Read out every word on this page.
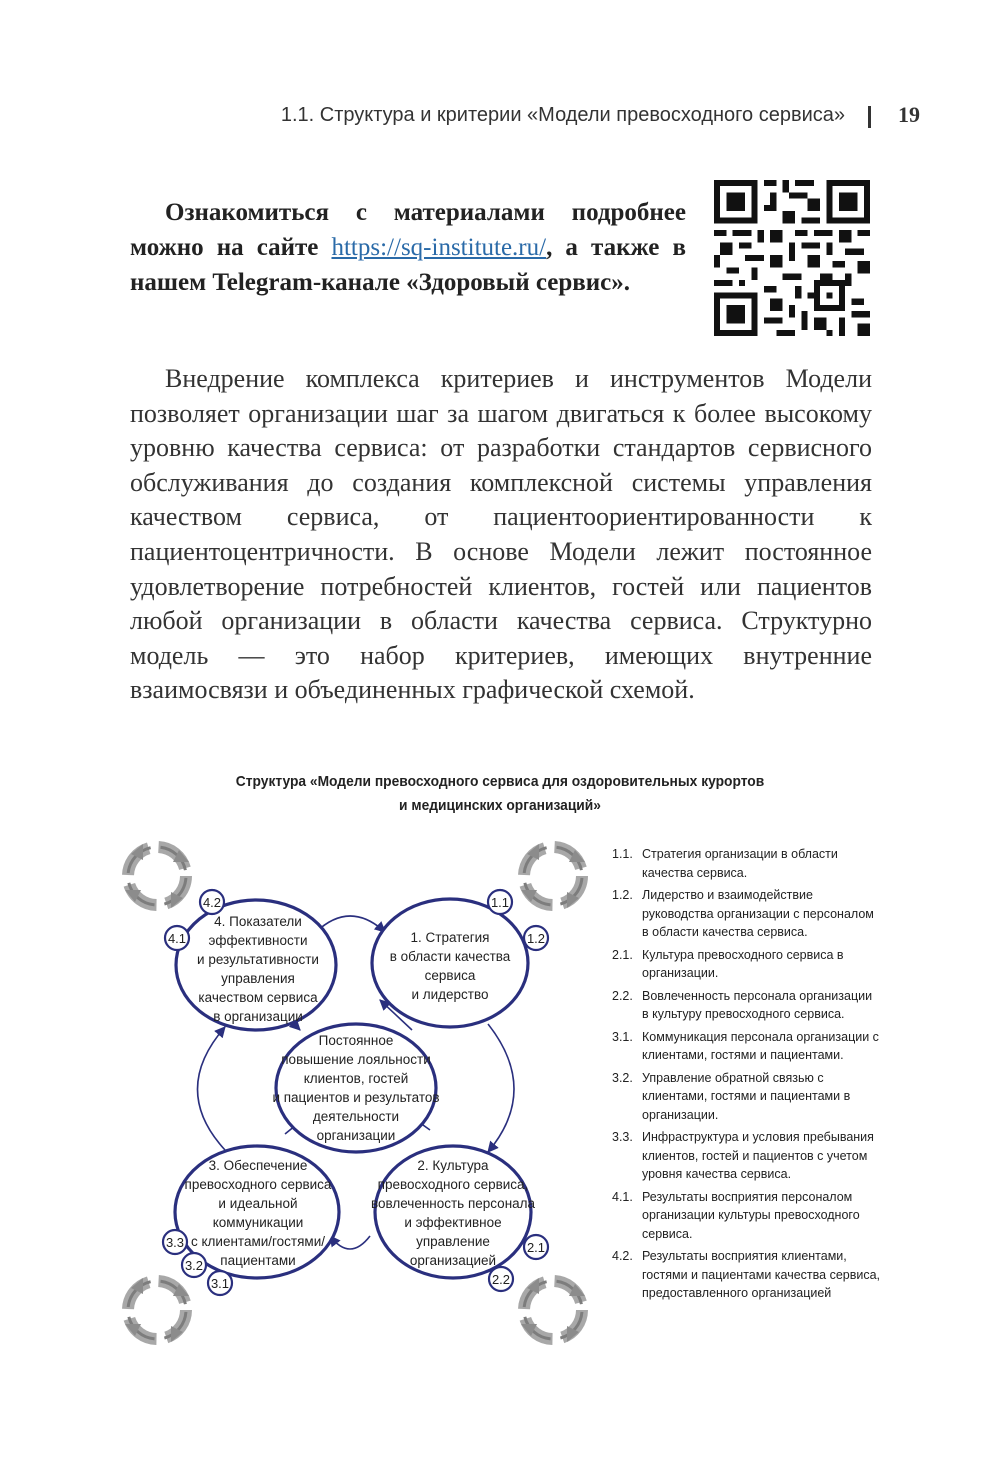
1.1. Структура и критерии «Модели превосходного сервиса» 19
Ознакомиться с материалами подробнее можно на сайте https://sq-institute.ru/, а также в нашем Telegram-канале «Здоровый сервис».

Внедрение комплекса критериев и инструментов Модели позволяет организации шаг за шагом двигаться к более высокому уровню качества сервиса: от разработки стандартов сервисного обслуживания до создания комплексной системы управления качеством сервиса, от пациентоориентированности к пациентоцентричности. В основе Модели лежит постоянное удовлетворение потребностей клиентов, гостей или пациентов любой организации в области качества сервиса. Структурно модель — это набор критериев, имеющих внутренние взаимосвязи и объединенных графической схемой.

Структура «Модели превосходного сервиса для оздоровительных курортов
и медицинских организаций»
1. Стратегия
в области качества
сервиса
и лидерство
4. Показатели
эффективности
и результативности
управления
качеством сервиса
в организации
Постоянное
повышение лояльности
клиентов, гостей
и пациентов и результатов
деятельности
организации
3. Обеспечение
превосходного сервиса
и идеальной
коммуникации
с клиентами/гостями/
пациентами
2. Культура
превосходного сервиса,
вовлеченность персонала
и эффективное
управление
организацией
4.2
4.1
1.1
1.2
2.1
2.2
3.3
3.2
3.1
1.1. Стратегия организации в области качества сервиса.
1.2. Лидерство и взаимодействие руководства организации с персоналом в области качества сервиса.
2.1. Культура превосходного сервиса в организации.
2.2. Вовлеченность персонала организации в культуру превосходного сервиса.
3.1. Коммуникация персонала организации с клиентами, гостями и пациентами.
3.2. Управление обратной связью с клиентами, гостями и пациентами в организации.
3.3. Инфраструктура и условия пребывания клиентов, гостей и пациентов с учетом уровня качества сервиса.
4.1. Результаты восприятия персоналом организации культуры превосходного сервиса.
4.2. Результаты восприятия клиентами, гостями и пациентами качества сервиса, предоставленного организацией
